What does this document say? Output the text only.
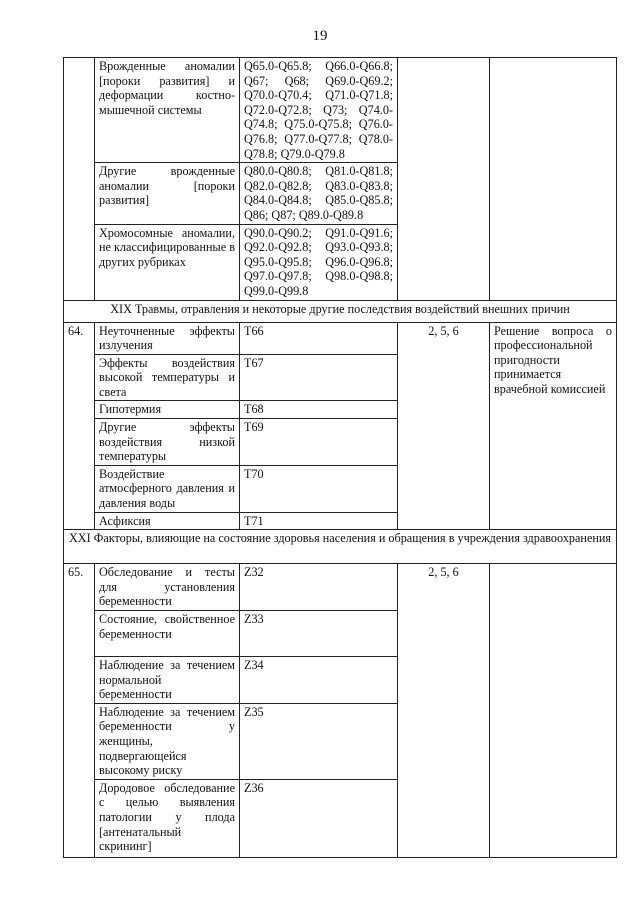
19
	Врожденные аномалии [пороки развития] и деформации костно-мышечной системы	Q65.0-Q65.8; Q66.0-Q66.8; Q67; Q68; Q69.0-Q69.2; Q70.0-Q70.4; Q71.0-Q71.8; Q72.0-Q72.8; Q73; Q74.0-Q74.8; Q75.0-Q75.8; Q76.0-Q76.8; Q77.0-Q77.8; Q78.0-Q78.8; Q79.0-Q79.8		
	Другие врожденные аномалии [пороки развития]	Q80.0-Q80.8; Q81.0-Q81.8; Q82.0-Q82.8; Q83.0-Q83.8; Q84.0-Q84.8; Q85.0-Q85.8; Q86; Q87; Q89.0-Q89.8		
	Хромосомные аномалии, не классифицированные в других рубриках	Q90.0-Q90.2; Q91.0-Q91.6; Q92.0-Q92.8; Q93.0-Q93.8; Q95.0-Q95.8; Q96.0-Q96.8; Q97.0-Q97.8; Q98.0-Q98.8; Q99.0-Q99.8		
XIX Травмы, отравления и некоторые другие последствия воздействий внешних причин				
64.	Неуточненные эффекты излучения	T66	2, 5, 6	Решение вопроса о профессиональной пригодности принимается врачебной комиссией
	Эффекты воздействия высокой температуры и света	T67		
	Гипотермия	T68		
	Другие эффекты воздействия низкой температуры	T69		
	Воздействие атмосферного давления и давления воды	T70		
	Асфиксия	T71		
XXI Факторы, влияющие на состояние здоровья населения и обращения в учреждения здравоохранения				
65.	Обследование и тесты для установления беременности	Z32	2, 5, 6	
	Состояние, свойственное беременности	Z33		
	Наблюдение за течением нормальной беременности	Z34		
	Наблюдение за течением беременности у женщины, подвергающейся высокому риску	Z35		
	Дородовое обследование с целью выявления патологии у плода [антенатальный скрининг]	Z36		
